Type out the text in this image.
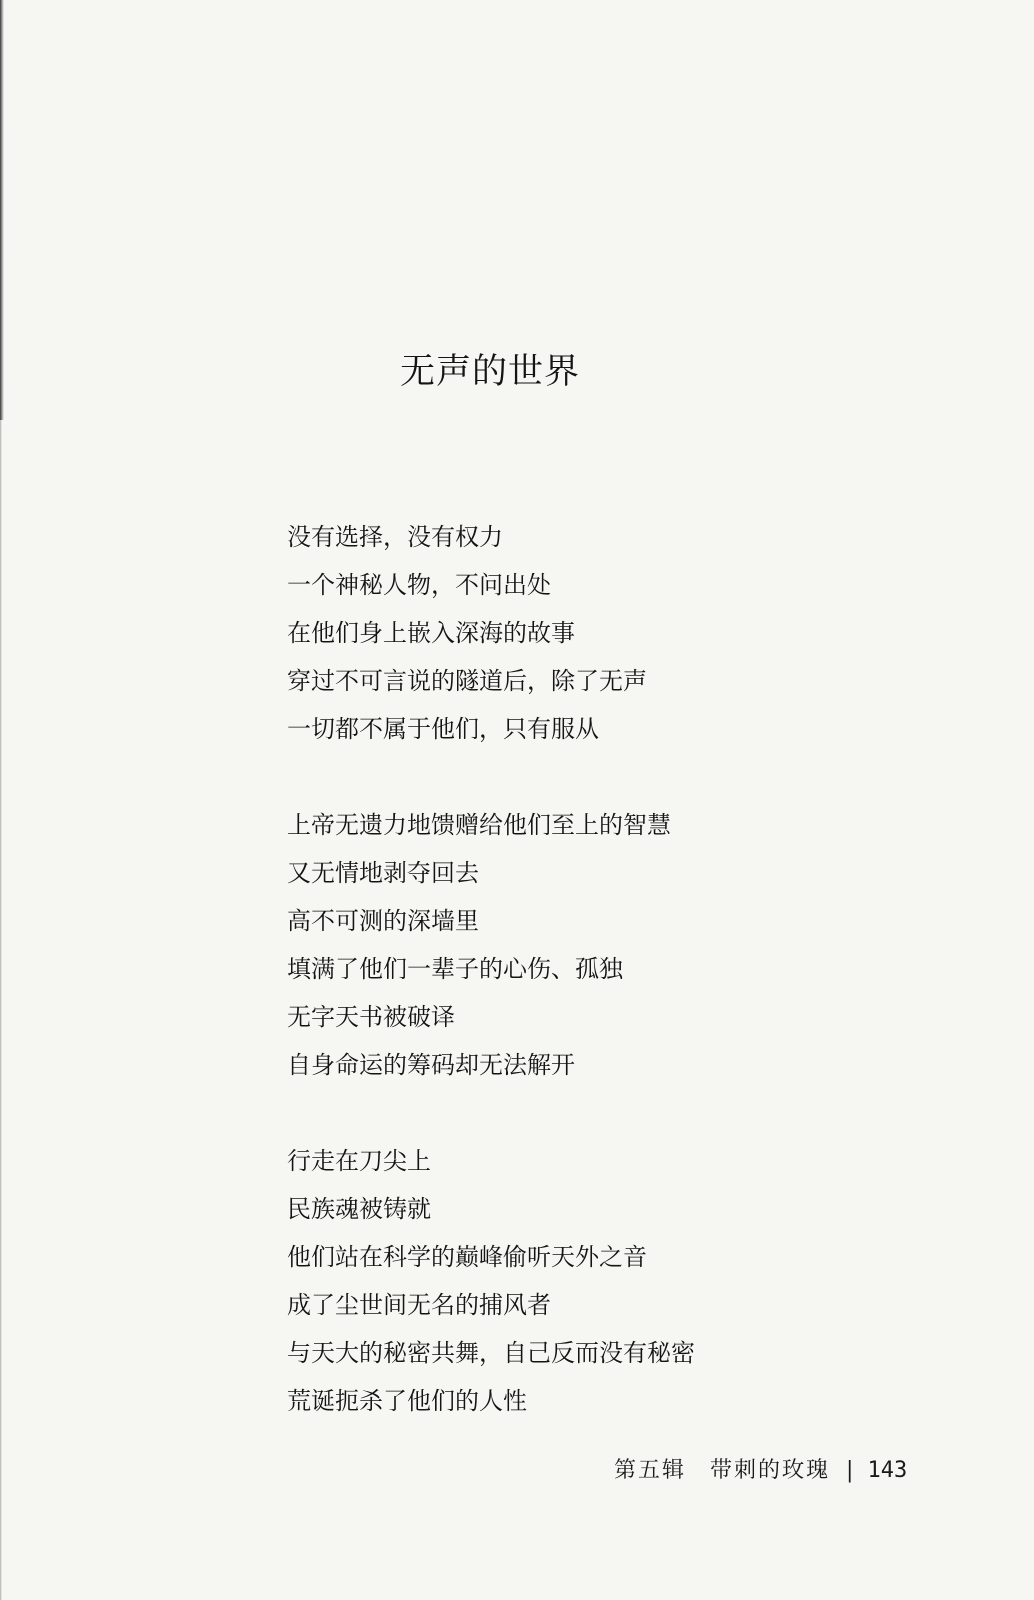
无声的世界
没有选择，没有权力
一个神秘人物，不问出处
在他们身上嵌入深海的故事
穿过不可言说的隧道后，除了无声
一切都不属于他们，只有服从
上帝无遗力地馈赠给他们至上的智慧
又无情地剥夺回去
高不可测的深墙里
填满了他们一辈子的心伤、孤独
无字天书被破译
自身命运的筹码却无法解开
行走在刀尖上
民族魂被铸就
他们站在科学的巅峰偷听天外之音
成了尘世间无名的捕风者
与天大的秘密共舞，自己反而没有秘密
荒诞扼杀了他们的人性
第五辑 带刺的玫瑰 | 143
